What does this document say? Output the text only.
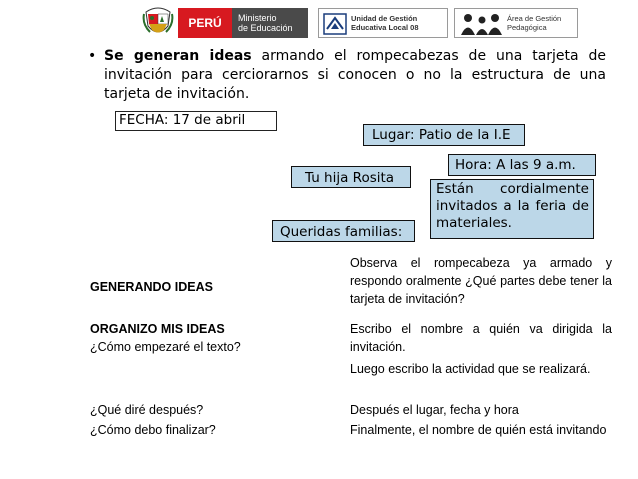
PERÚ Ministerio
de Educación
Unidad de Gestión
Educativa Local 08
Área de Gestión
Pedagógica
• Se generan ideas armando el rompecabezas de una tarjeta de invitación para cerciorarnos si conocen o no la estructura de una tarjeta de invitación.
FECHA: 17 de abril
Lugar: Patio de la I.E
Tu hija Rosita
Hora: A las 9 a.m.
Están cordialmente invitados a la feria de materiales.
Queridas familias:
GENERANDO IDEAS
Observa el rompecabeza ya armado y respondo oralmente ¿Qué partes debe tener la tarjeta de invitación?
ORGANIZO MIS IDEAS
¿Cómo empezaré el texto?
Escribo el nombre a quién va dirigida la invitación.
Luego escribo la actividad que se realizará.
¿Qué diré después?
¿Cómo debo finalizar?
Después el lugar, fecha y hora
Finalmente, el nombre de quién está invitando
